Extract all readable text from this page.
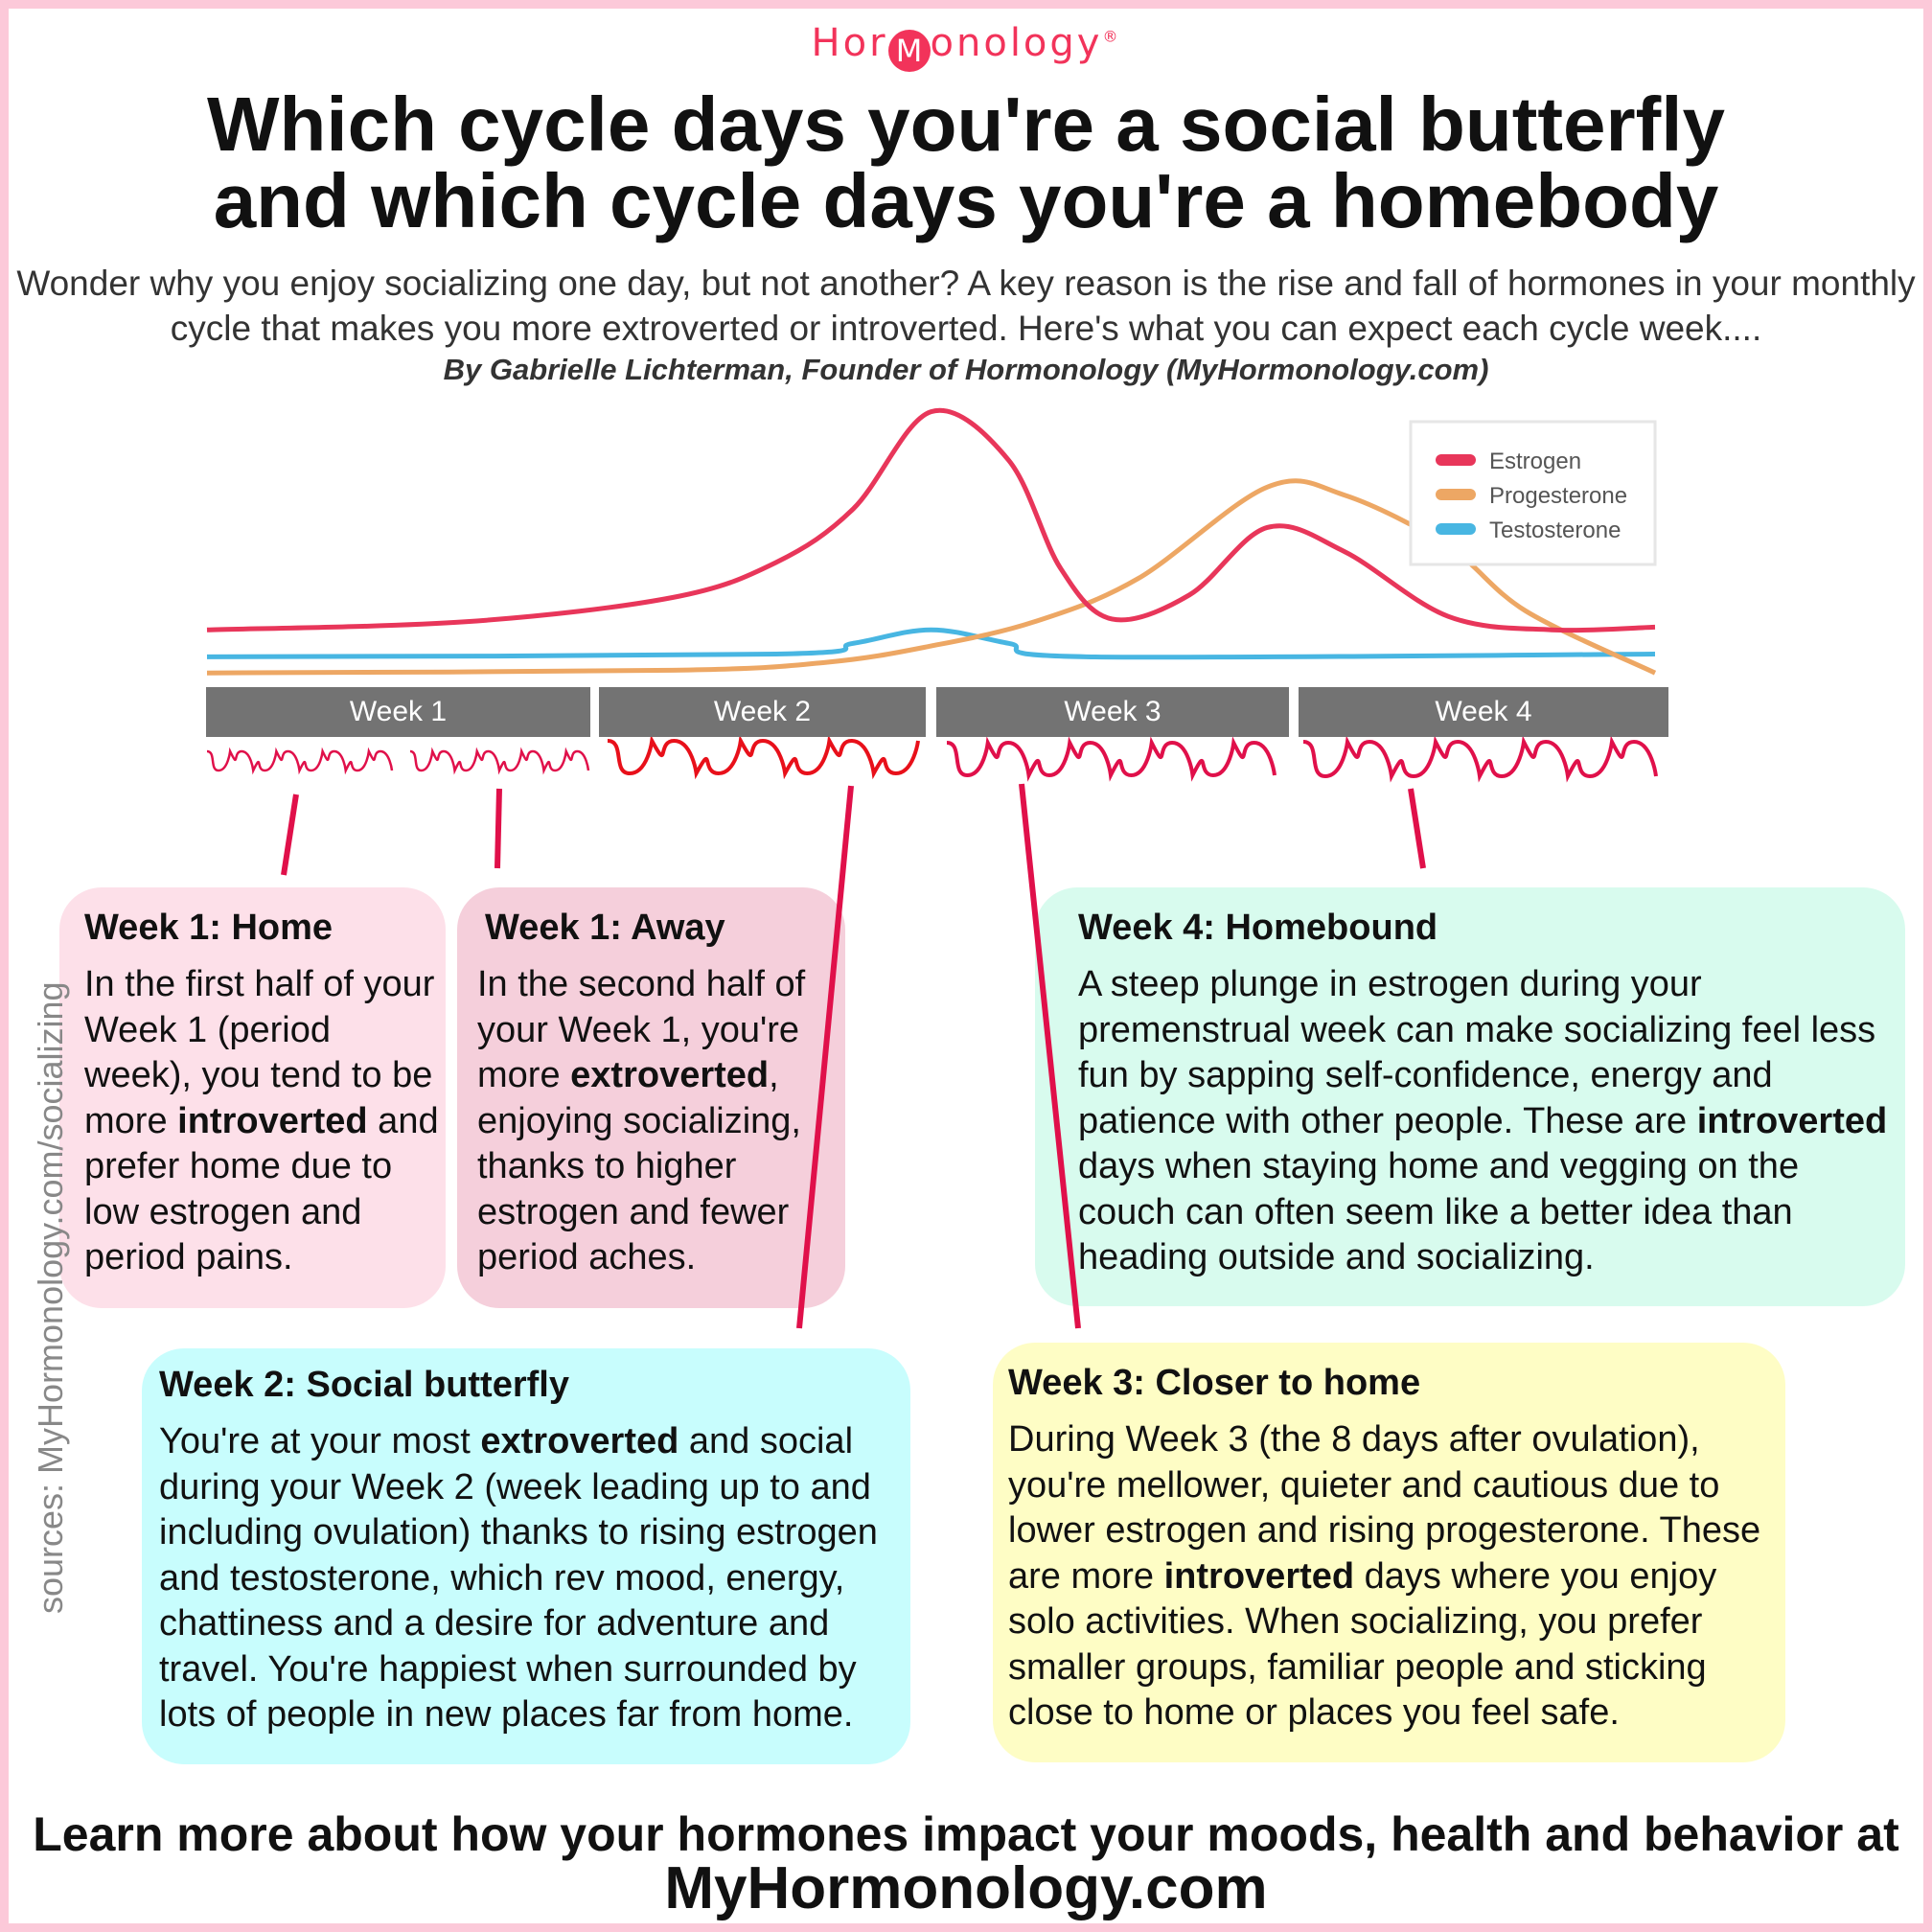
Hor M onology®
Which cycle days you're a social butterfly
and which cycle days you're a homebody
Wonder why you enjoy socializing one day, but not another? A key reason is the rise and fall of hormones in your monthly cycle that makes you more extroverted or introverted. Here's what you can expect each cycle week....
By Gabrielle Lichterman, Founder of Hormonology (MyHormonology.com)
Estrogen
Progesterone
Testosterone
Week 1	Week 2	Week 3	Week 4
Week 1: Home

In the first half of your Week 1 (period week), you tend to be more introverted and prefer home due to low estrogen and period pains.

Week 1: Away

In the second half of your Week 1, you're more extroverted, enjoying socializing, thanks to higher estrogen and fewer period aches.

Week 4: Homebound

A steep plunge in estrogen during your premenstrual week can make socializing feel less fun by sapping self-confidence, energy and patience with other people. These are introverted days when staying home and vegging on the couch can often seem like a better idea than heading outside and socializing.

Week 2: Social butterfly

You're at your most extroverted and social during your Week 2 (week leading up to and including ovulation) thanks to rising estrogen and testosterone, which rev mood, energy, chattiness and a desire for adventure and travel. You're happiest when surrounded by lots of people in new places far from home.

Week 3: Closer to home

During Week 3 (the 8 days after ovulation), you're mellower, quieter and cautious due to lower estrogen and rising progesterone. These are more introverted days where you enjoy solo activities. When socializing, you prefer smaller groups, familiar people and sticking close to home or places you feel safe.

sources: MyHormonology.com/socializing
Learn more about how your hormones impact your moods, health and behavior at
MyHormonology.com
